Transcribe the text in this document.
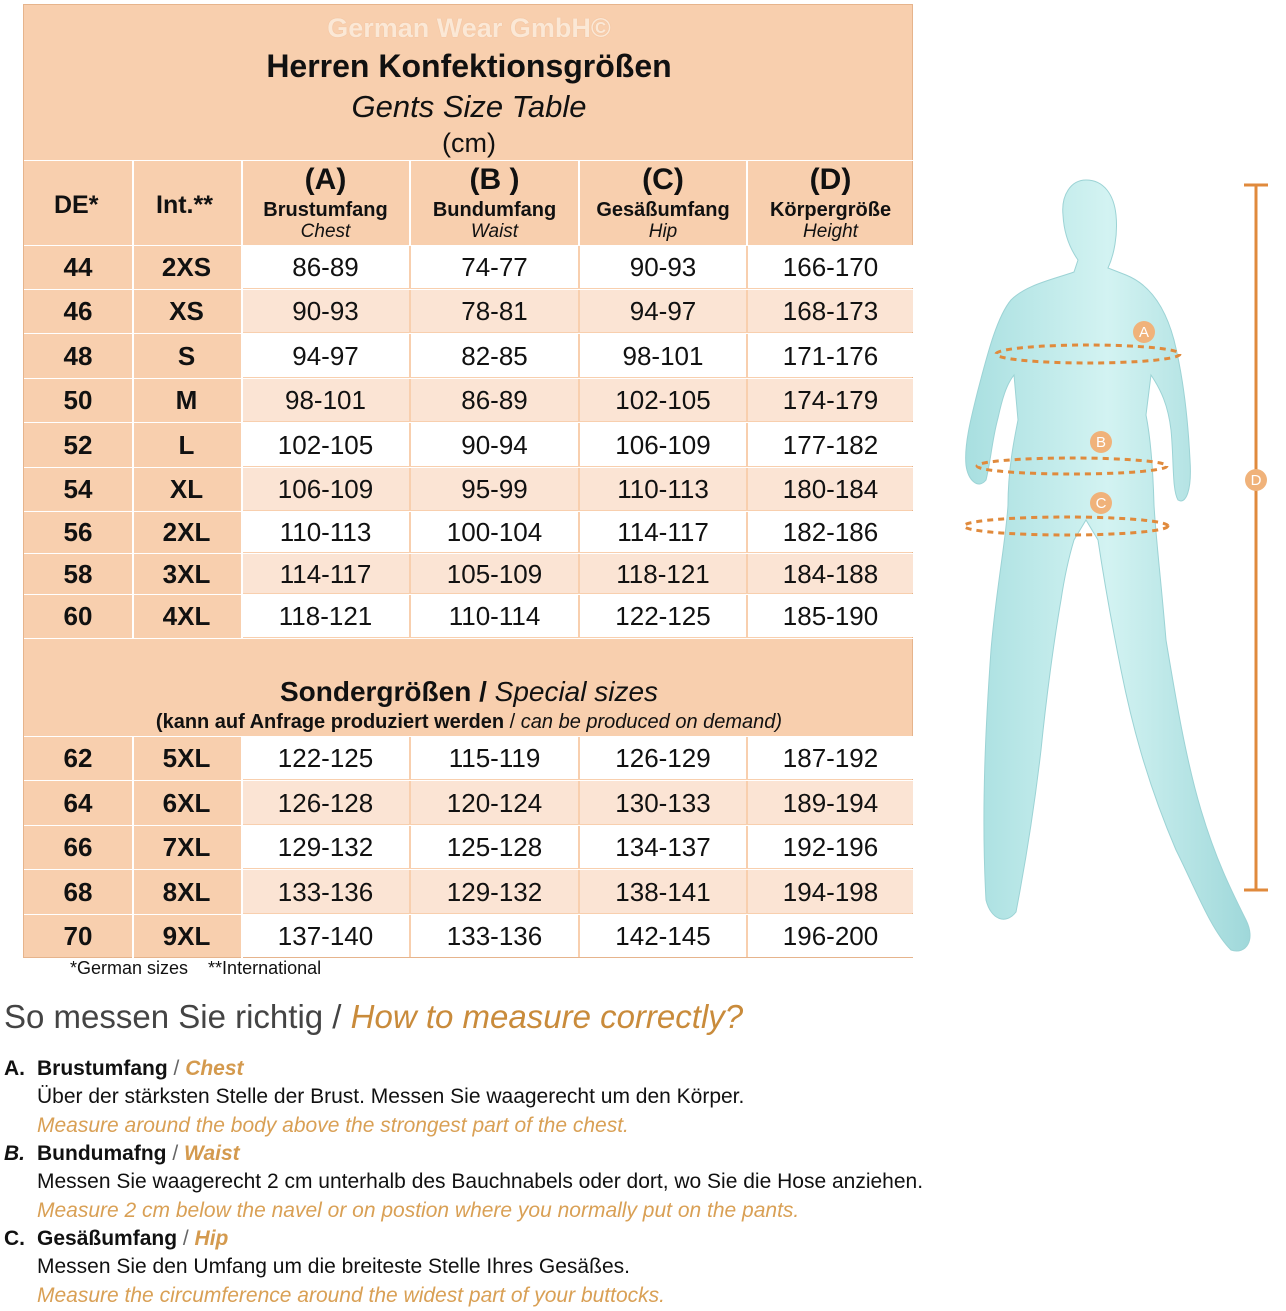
German Wear GmbH©
Herren Konfektionsgrößen
Gents Size Table
(cm)
DE* Int.**
(A)
Brustumfang
Chest
(B )
Bundumfang
Waist
(C)
Gesäßumfang
Hip
(D)
Körpergröße
Height
44	2XS	86-89	74-77	90-93	166-170
46	XS	90-93	78-81	94-97	168-173
48	S	94-97	82-85	98-101	171-176
50	M	98-101	86-89	102-105	174-179
52	L	102-105	90-94	106-109	177-182
54	XL	106-109	95-99	110-113	180-184
56	2XL	110-113	100-104	114-117	182-186
58	3XL	114-117	105-109	118-121	184-188
60	4XL	118-121	110-114	122-125	185-190
62	5XL	122-125	115-119	126-129	187-192
64	6XL	126-128	120-124	130-133	189-194
66	7XL	129-132	125-128	134-137	192-196
68	8XL	133-136	129-132	138-141	194-198
70	9XL	137-140	133-136	142-145	196-200
Sondergrößen / Special sizes
(kann auf Anfrage produziert werden / can be produced on demand)
*German sizes    **International
A
B
C
D
So messen Sie richtig / How to measure correctly?
A. Brustumfang / Chest
Über der stärksten Stelle der Brust. Messen Sie waagerecht um den Körper.
Measure around the body above the strongest part of the chest.
B. Bundumafng / Waist
Messen Sie waagerecht 2 cm unterhalb des Bauchnabels oder dort, wo Sie die Hose anziehen.
Measure 2 cm below the navel or on postion where you normally put on the pants.
C. Gesäßumfang / Hip
Messen Sie den Umfang um die breiteste Stelle Ihres Gesäßes.
Measure the circumference around the widest part of your buttocks.
